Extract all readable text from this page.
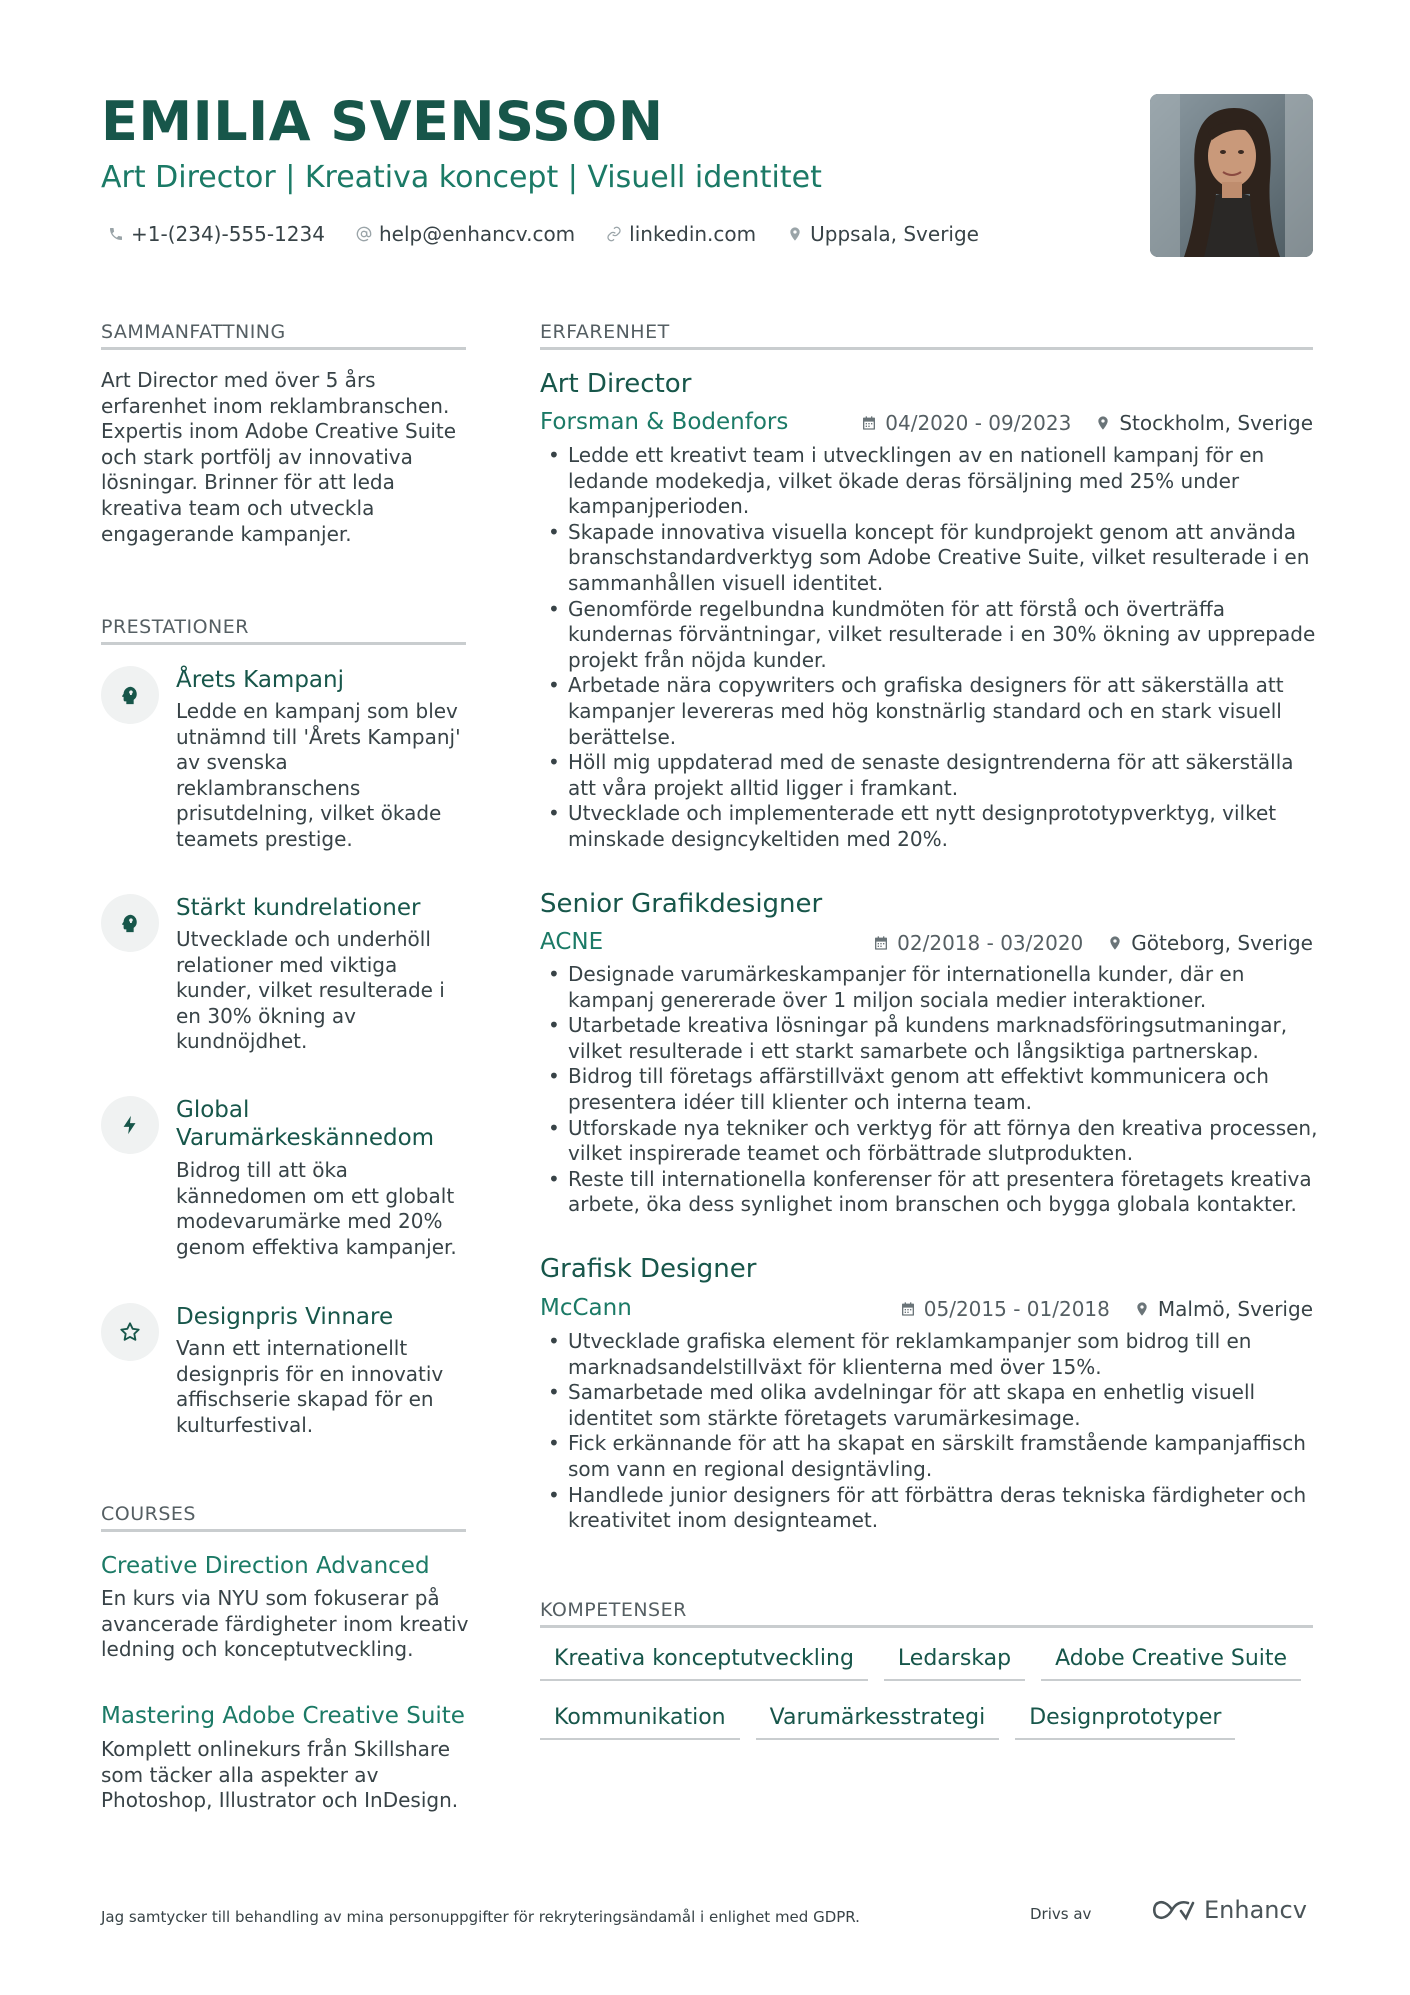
EMILIA SVENSSON
Art Director | Kreativa koncept | Visuell identitet
+1-(234)-555-1234	help@enhancv.com	linkedin.com	Uppsala, Sverige
SAMMANFATTNING
Art Director med över 5 års erfarenhet inom reklambranschen. Expertis inom Adobe Creative Suite och stark portfölj av innovativa lösningar. Brinner för att leda kreativa team och utveckla engagerande kampanjer.
PRESTATIONER
Årets Kampanj
Ledde en kampanj som blev utnämnd till 'Årets Kampanj' av svenska reklambranschens prisutdelning, vilket ökade teamets prestige.
Stärkt kundrelationer
Utvecklade och underhöll relationer med viktiga kunder, vilket resulterade i en 30% ökning av kundnöjdhet.
Global Varumärkeskännedom
Bidrog till att öka kännedomen om ett globalt modevarumärke med 20% genom effektiva kampanjer.
Designpris Vinnare
Vann ett internationellt designpris för en innovativ affischserie skapad för en kulturfestival.
COURSES
Creative Direction Advanced
En kurs via NYU som fokuserar på avancerade färdigheter inom kreativ ledning och konceptutveckling.
Mastering Adobe Creative Suite
Komplett onlinekurs från Skillshare som täcker alla aspekter av Photoshop, Illustrator och InDesign.
ERFARENHET
Art Director
Forsman & Bodenfors	04/2020 - 09/2023 Stockholm, Sverige
• Ledde ett kreativt team i utvecklingen av en nationell kampanj för en ledande modekedja, vilket ökade deras försäljning med 25% under kampanjperioden.
• Skapade innovativa visuella koncept för kundprojekt genom att använda branschstandardverktyg som Adobe Creative Suite, vilket resulterade i en sammanhållen visuell identitet.
• Genomförde regelbundna kundmöten för att förstå och överträffa kundernas förväntningar, vilket resulterade i en 30% ökning av upprepade projekt från nöjda kunder.
• Arbetade nära copywriters och grafiska designers för att säkerställa att kampanjer levereras med hög konstnärlig standard och en stark visuell berättelse.
• Höll mig uppdaterad med de senaste designtrenderna för att säkerställa att våra projekt alltid ligger i framkant.
• Utvecklade och implementerade ett nytt designprototypverktyg, vilket minskade designcykeltiden med 20%.
Senior Grafikdesigner
ACNE	02/2018 - 03/2020 Göteborg, Sverige
• Designade varumärkeskampanjer för internationella kunder, där en kampanj genererade över 1 miljon sociala medier interaktioner.
• Utarbetade kreativa lösningar på kundens marknadsföringsutmaningar, vilket resulterade i ett starkt samarbete och långsiktiga partnerskap.
• Bidrog till företags affärstillväxt genom att effektivt kommunicera och presentera idéer till klienter och interna team.
• Utforskade nya tekniker och verktyg för att förnya den kreativa processen, vilket inspirerade teamet och förbättrade slutprodukten.
• Reste till internationella konferenser för att presentera företagets kreativa arbete, öka dess synlighet inom branschen och bygga globala kontakter.
Grafisk Designer
McCann	05/2015 - 01/2018 Malmö, Sverige
• Utvecklade grafiska element för reklamkampanjer som bidrog till en marknadsandelstillväxt för klienterna med över 15%.
• Samarbetade med olika avdelningar för att skapa en enhetlig visuell identitet som stärkte företagets varumärkesimage.
• Fick erkännande för att ha skapat en särskilt framstående kampanjaffisch som vann en regional designtävling.
• Handlede junior designers för att förbättra deras tekniska färdigheter och kreativitet inom designteamet.
KOMPETENSER
Kreativa konceptutveckling	Ledarskap	Adobe Creative Suite
Kommunikation	Varumärkesstrategi	Designprototyper
Jag samtycker till behandling av mina personuppgifter för rekryteringsändamål i enlighet med GDPR.	Drivs av	Enhancv
